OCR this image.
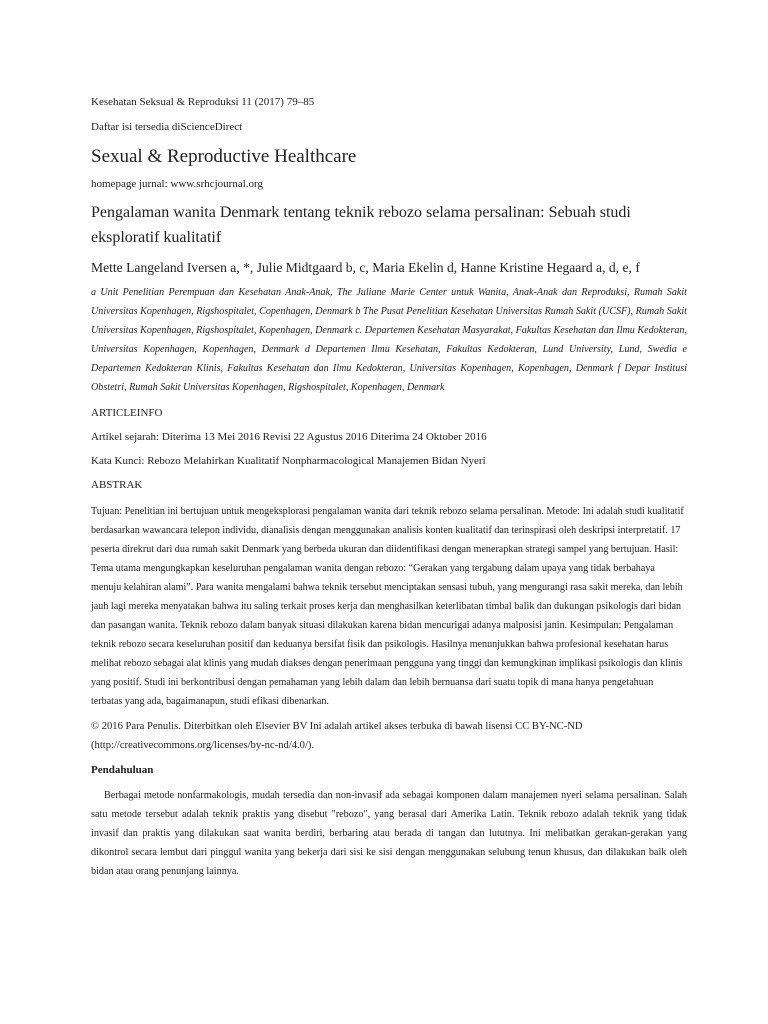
Kesehatan Seksual & Reproduksi 11 (2017) 79–85

Daftar isi tersedia diScienceDirect

Sexual & Reproductive Healthcare

homepage jurnal: www.srhcjournal.org

Pengalaman wanita Denmark tentang teknik rebozo selama persalinan: Sebuah studi eksploratif kualitatif

Mette Langeland Iversen a, *, Julie Midtgaard b, c, Maria Ekelin d, Hanne Kristine Hegaard a, d, e, f

a Unit Penelitian Perempuan dan Kesehatan Anak-Anak, The Juliane Marie Center untuk Wanita, Anak-Anak dan Reproduksi, Rumah Sakit Universitas Kopenhagen, Rigshospitalet, Copenhagen, Denmark b The Pusat Penelitian Kesehatan Universitas Rumah Sakit (UCSF), Rumah Sakit Universitas Kopenhagen, Rigshospitalet, Kopenhagen, Denmark c. Departemen Kesehatan Masyarakat, Fakultas Kesehatan dan Ilmu Kedokteran, Universitas Kopenhagen, Kopenhagen, Denmark d Departemen Ilmu Kesehatan, Fakultas Kedokteran, Lund University, Lund, Swedia e Departemen Kedokteran Klinis, Fakultas Kesehatan dan Ilmu Kedokteran, Universitas Kopenhagen, Kopenhagen, Denmark f Depar Institusi Obstetri, Rumah Sakit Universitas Kopenhagen, Rigshospitalet, Kopenhagen, Denmark

ARTICLEINFO

Artikel sejarah: Diterima 13 Mei 2016 Revisi 22 Agustus 2016 Diterima 24 Oktober 2016

Kata Kunci: Rebozo Melahirkan Kualitatif Nonpharmacological Manajemen Bidan Nyeri

ABSTRAK

Tujuan: Penelitian ini bertujuan untuk mengeksplorasi pengalaman wanita dari teknik rebozo selama persalinan. Metode: Ini adalah studi kualitatif berdasarkan wawancara telepon individu, dianalisis dengan menggunakan analisis konten kualitatif dan terinspirasi oleh deskripsi interpretatif. 17 peserta direkrut dari dua rumah sakit Denmark yang berbeda ukuran dan diidentifikasi dengan menerapkan strategi sampel yang bertujuan. Hasil: Tema utama mengungkapkan keseluruhan pengalaman wanita dengan rebozo: “Gerakan yang tergabung dalam upaya yang tidak berbahaya menuju kelahiran alami”. Para wanita mengalami bahwa teknik tersebut menciptakan sensasi tubuh, yang mengurangi rasa sakit mereka, dan lebih jauh lagi mereka menyatakan bahwa itu saling terkait proses kerja dan menghasilkan keterlibatan timbal balik dan dukungan psikologis dari bidan dan pasangan wanita. Teknik rebozo dalam banyak situasi dilakukan karena bidan mencurigai adanya malposisi janin. Kesimpulan: Pengalaman teknik rebozo secara keseluruhan positif dan keduanya bersifat fisik dan psikologis. Hasilnya menunjukkan bahwa profesional kesehatan harus melihat rebozo sebagai alat klinis yang mudah diakses dengan penerimaan pengguna yang tinggi dan kemungkinan implikasi psikologis dan klinis yang positif. Studi ini berkontribusi dengan pemahaman yang lebih dalam dan lebih bernuansa dari suatu topik di mana hanya pengetahuan terbatas yang ada, bagaimanapun, studi efikasi dibenarkan.

© 2016 Para Penulis. Diterbitkan oleh Elsevier BV Ini adalah artikel akses terbuka di bawah lisensi CC BY-NC-ND (http://creativecommons.org/licenses/by-nc-nd/4.0/).

Pendahuluan

Berbagai metode nonfarmakologis, mudah tersedia dan non-invasif ada sebagai komponen dalam manajemen nyeri selama persalinan. Salah satu metode tersebut adalah teknik praktis yang disebut "rebozo", yang berasal dari Amerika Latin. Teknik rebozo adalah teknik yang tidak invasif dan praktis yang dilakukan saat wanita berdiri, berbaring atau berada di tangan dan lututnya. Ini melibatkan gerakan-gerakan yang dikontrol secara lembut dari pinggul wanita yang bekerja dari sisi ke sisi dengan menggunakan selubung tenun khusus, dan dilakukan baik oleh bidan atau orang penunjang lainnya.
